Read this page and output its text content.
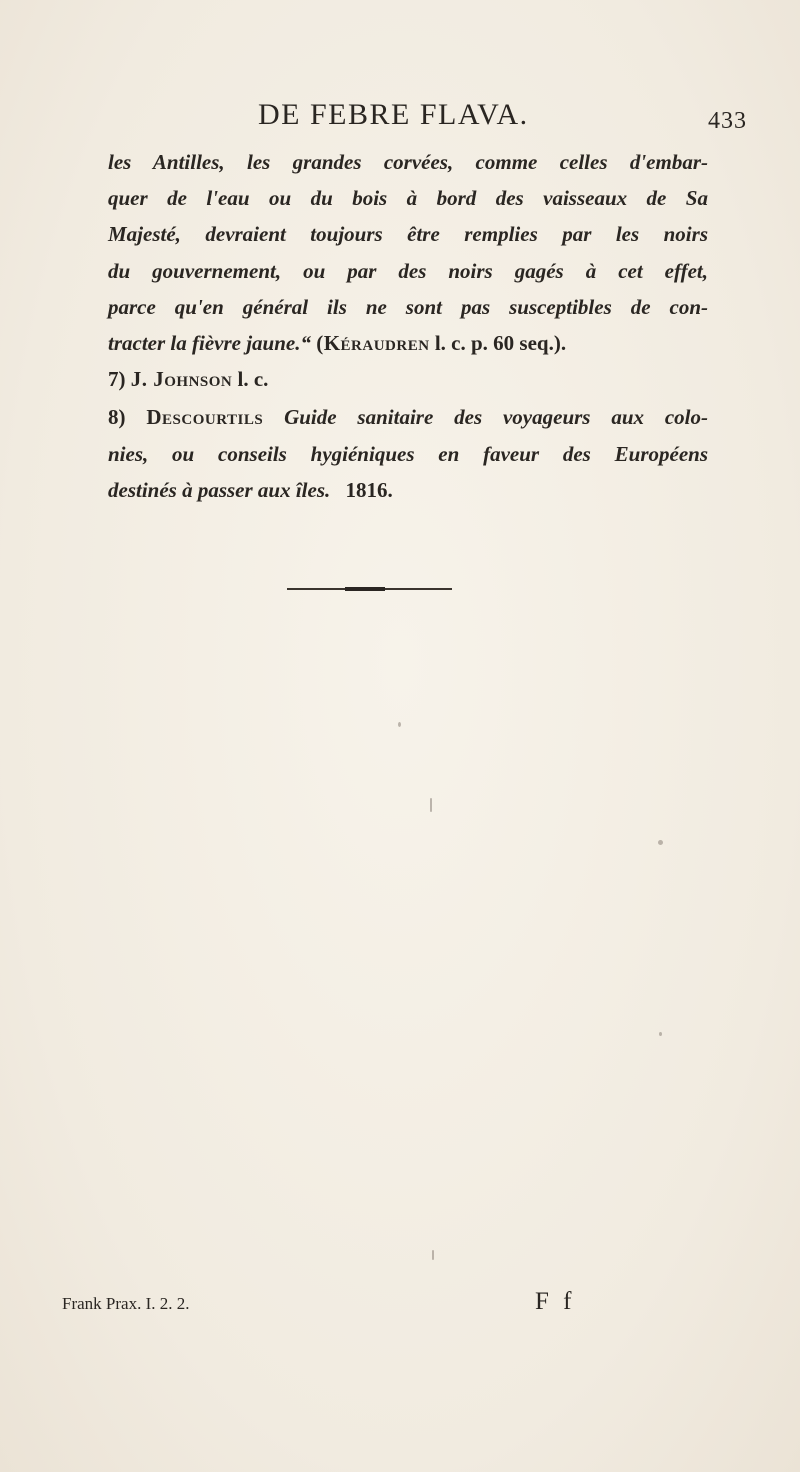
DE FEBRE FLAVA.	433
les Antilles, les grandes corvées, comme celles d'embar-
quer de l'eau ou du bois à bord des vaisseaux de Sa
Majesté, devraient toujours être remplies par les noirs
du gouvernement, ou par des noirs gagés à cet effet,
parce qu'en général ils ne sont pas susceptibles de con-
tracter la fièvre jaune.“ (Kéraudren l. c. p. 60 seq.).
7) J. Johnson l. c.
8) Descourtils Guide sanitaire des voyageurs aux colo-
nies, ou conseils hygiéniques en faveur des Européens
destinés à passer aux îles. 1816.
Frank Prax. I. 2. 2.	F f
